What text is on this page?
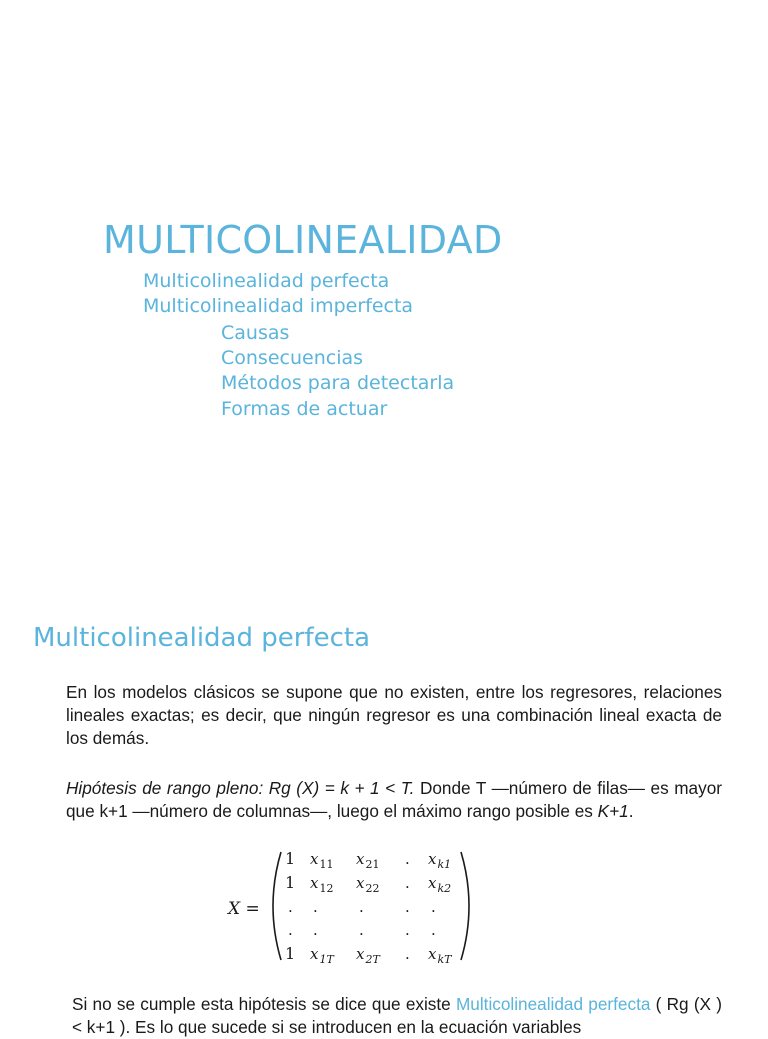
MULTICOLINEALIDAD

Multicolinealidad perfecta

Multicolinealidad imperfecta

Causas

Consecuencias

Métodos para detectarla

Formas de actuar

Multicolinealidad perfecta

En los modelos clásicos se supone que no existen, entre los regresores, relaciones lineales exactas; es decir, que ningún regresor es una combinación lineal exacta de los demás.

Hipótesis de rango pleno: Rg (X) = k + 1 < T. Donde T —número de filas— es mayor que k+1 —número de columnas—, luego el máximo rango posible es K+1.

X =
1 $x_{11}$ $x_{21}$ . $x_{k1}$
1 $x_{12}$ $x_{22}$ . $x_{k2}$
. .	.	. .
. .	.	. .
1 $x_{1T}$ $x_{2T}$ . $x_{kT}$

Si no se cumple esta hipótesis se dice que existe Multicolinealidad perfecta ( Rg (X ) < k+1 ). Es lo que sucede si se introducen en la ecuación variables
